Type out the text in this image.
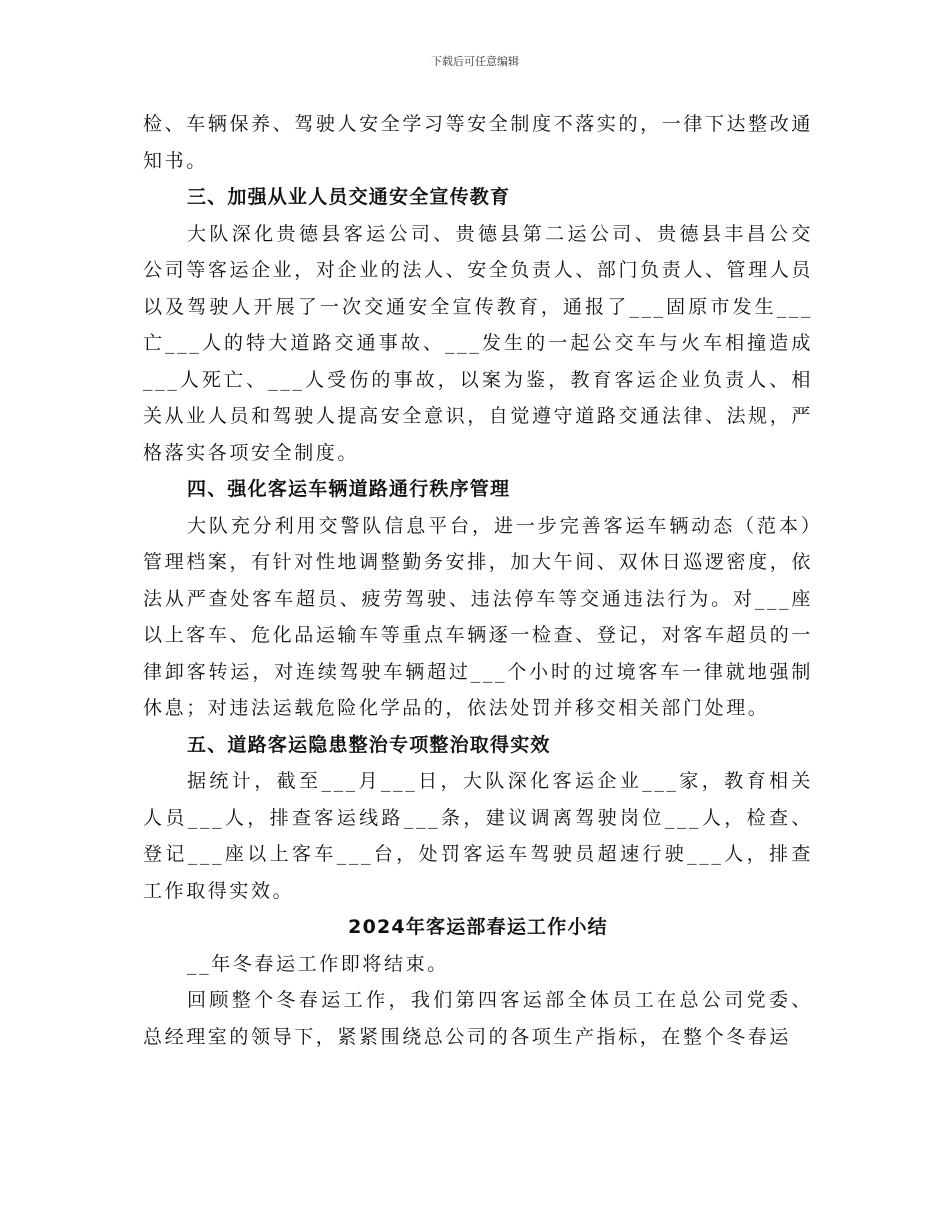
下载后可任意编辑

检、车辆保养、驾驶人安全学习等安全制度不落实的，一律下达整改通知书。

三、加强从业人员交通安全宣传教育

大队深化贵德县客运公司、贵德县第二运公司、贵德县丰昌公交公司等客运企业，对企业的法人、安全负责人、部门负责人、管理人员以及驾驶人开展了一次交通安全宣传教育，通报了___固原市发生___亡___人的特大道路交通事故、___发生的一起公交车与火车相撞造成___人死亡、___人受伤的事故，以案为鉴，教育客运企业负责人、相关从业人员和驾驶人提高安全意识，自觉遵守道路交通法律、法规，严格落实各项安全制度。

四、强化客运车辆道路通行秩序管理

大队充分利用交警队信息平台，进一步完善客运车辆动态（范本）管理档案，有针对性地调整勤务安排，加大午间、双休日巡逻密度，依法从严查处客车超员、疲劳驾驶、违法停车等交通违法行为。对___座以上客车、危化品运输车等重点车辆逐一检查、登记，对客车超员的一律卸客转运，对连续驾驶车辆超过___个小时的过境客车一律就地强制休息；对违法运载危险化学品的，依法处罚并移交相关部门处理。

五、道路客运隐患整治专项整治取得实效

据统计，截至___月___日，大队深化客运企业___家，教育相关人员___人，排查客运线路___条，建议调离驾驶岗位___人，检查、登记___座以上客车___台，处罚客运车驾驶员超速行驶___人，排查工作取得实效。

2024年客运部春运工作小结

__年冬春运工作即将结束。

回顾整个冬春运工作，我们第四客运部全体员工在总公司党委、总经理室的领导下，紧紧围绕总公司的各项生产指标，在整个冬春运
